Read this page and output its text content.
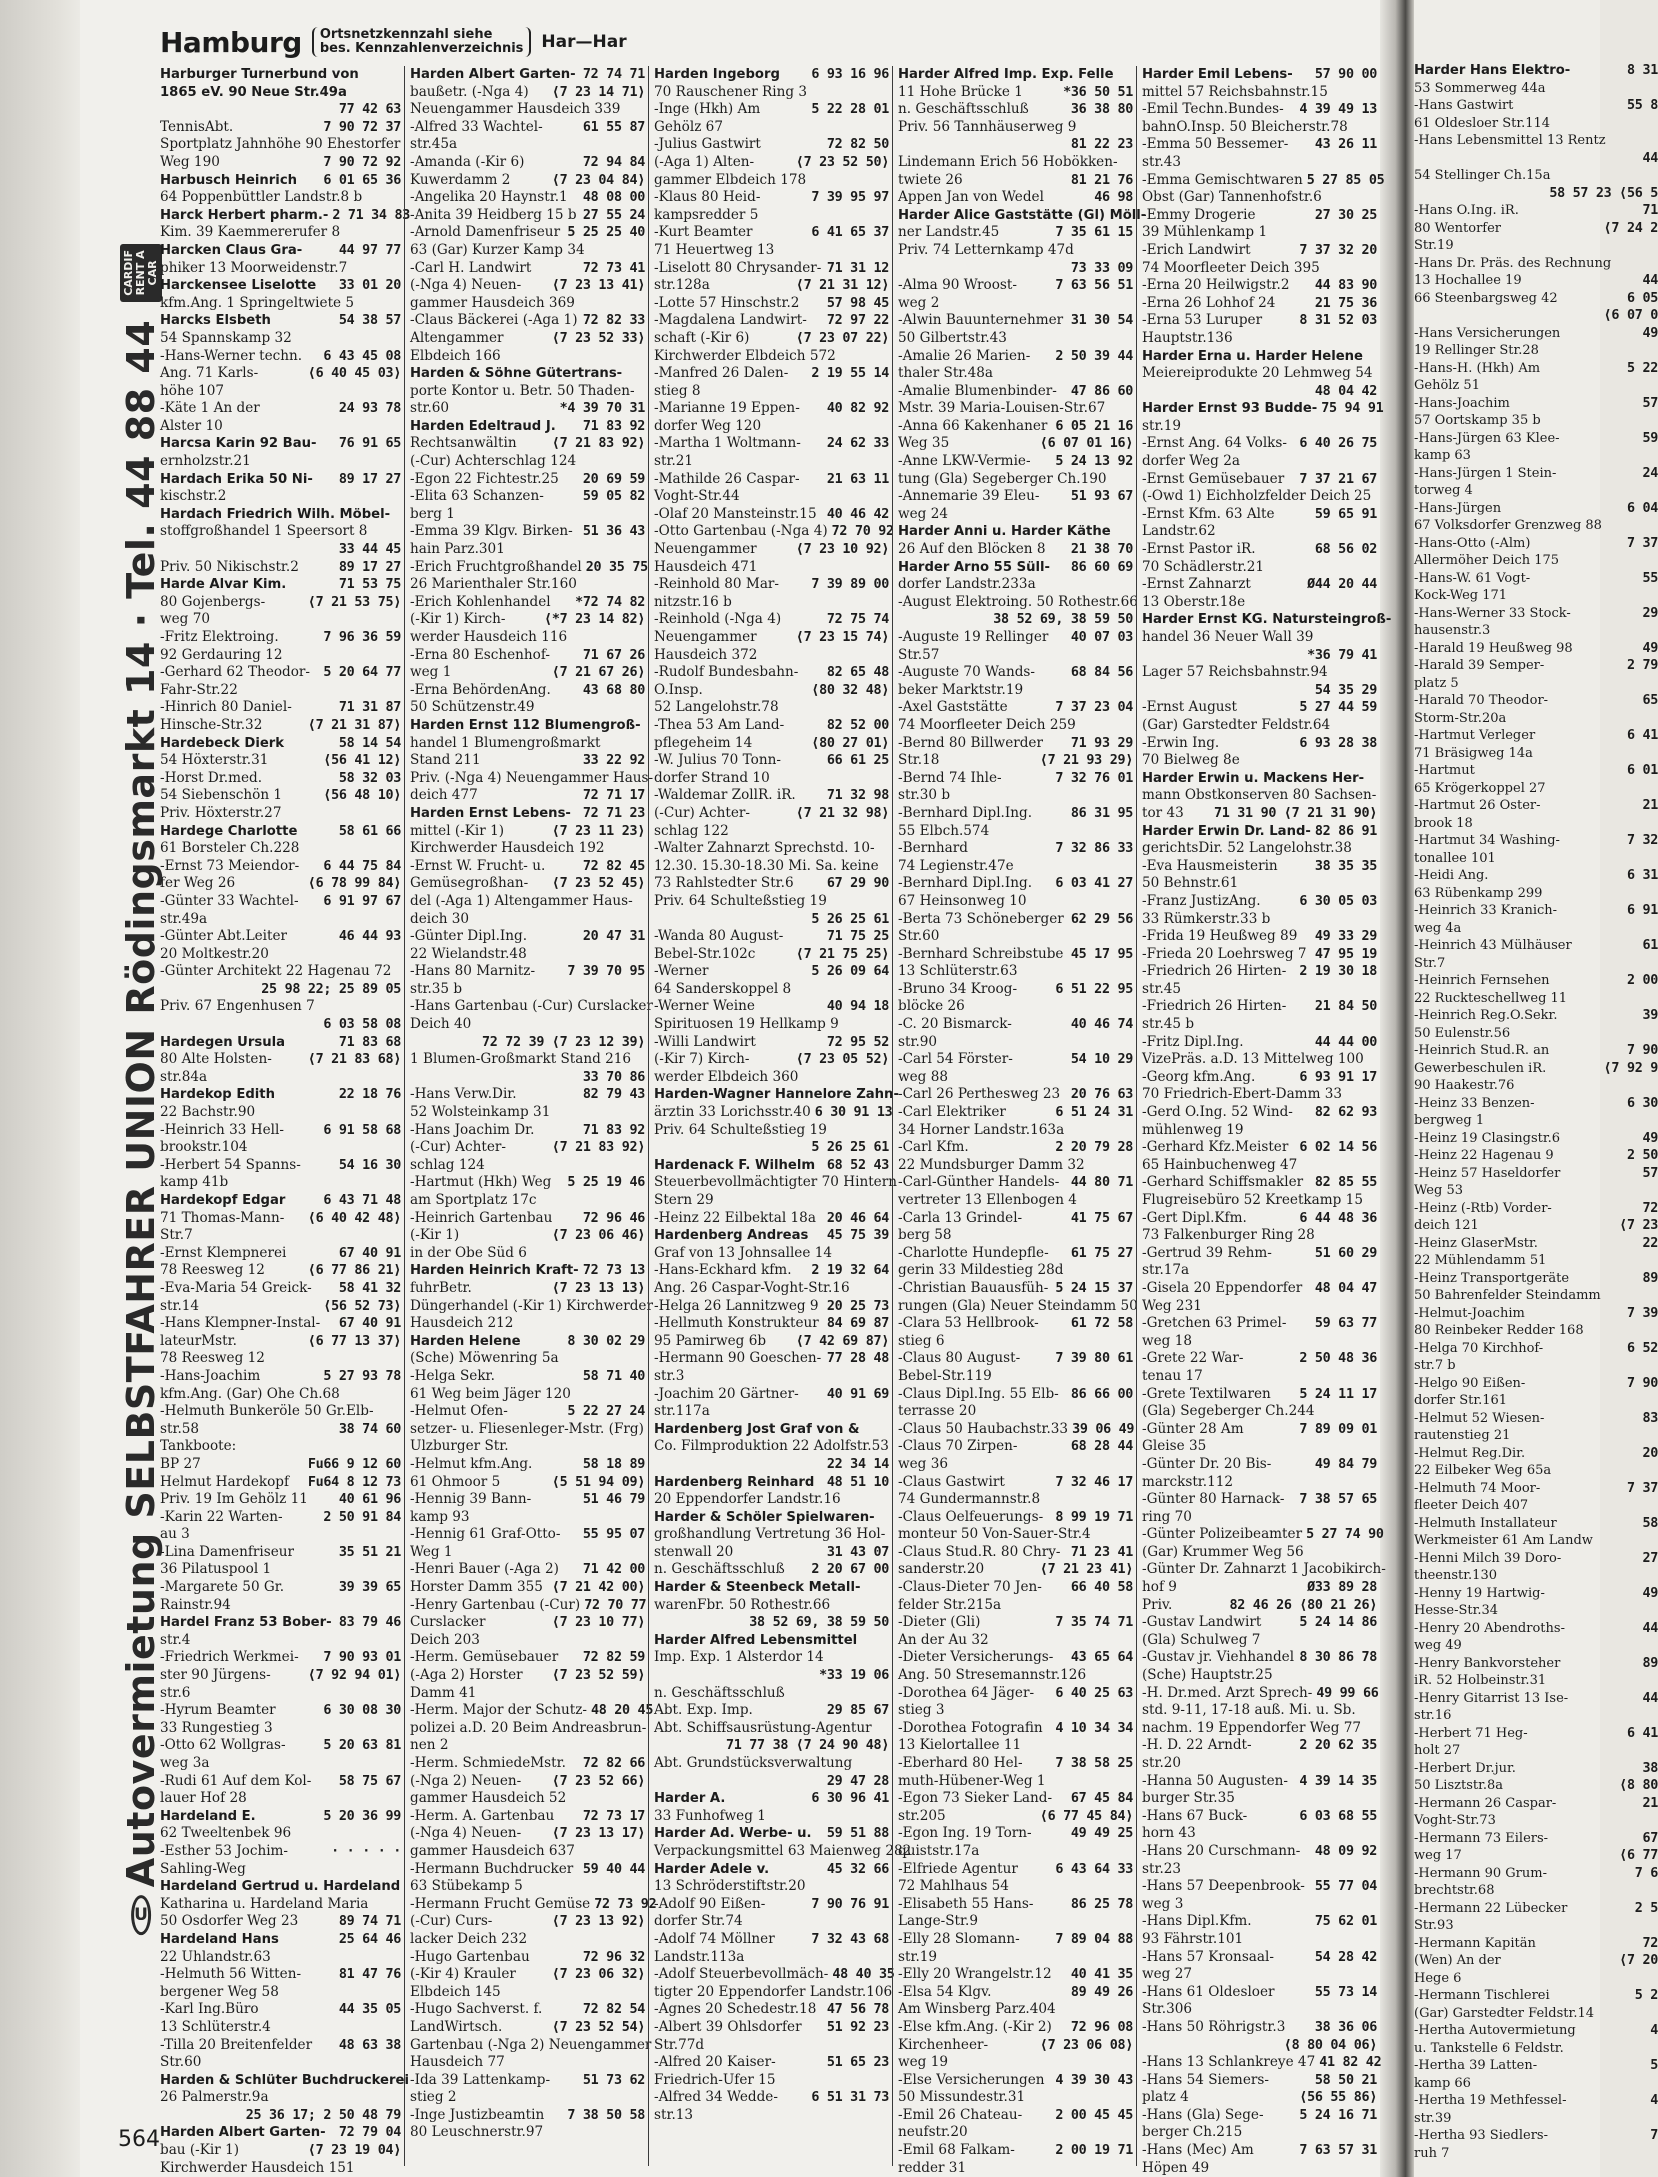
Hamburg	Ortsnetzkennzahl siehe
bes. Kennzahlenverzeichnis	Har—Har
U
Autovermietung SELBSTFAHRER UNION Rödingsmarkt 14 · Tel. 44 88 44
CARDIF
RENT A CAR
564
Harburger Turnerbund von
1865 eV. 90 Neue Str.49a
77 42 63
TennisAbt.	7 90 72 37
Sportplatz Jahnhöhe 90 Ehestorfer
Weg 190	7 90 72 92
Harbusch Heinrich	6 01 65 36
64 Poppenbüttler Landstr.8 b
Harck Herbert pharm.- 2 71 34 83
Kim. 39 Kaemmererufer 8
Harcken Claus Gra-	44 97 77
phiker 13 Moorweidenstr.7
Harckensee Liselotte	33 01 20
kfm.Ang. 1 Springeltwiete 5
Harcks Elsbeth	54 38 57
54 Spannskamp 32
-Hans-Werner techn.	6 43 45 08
Ang. 71 Karls-	⟨6 40 45 03⟩
höhe 107
-Käte 1 An der	24 93 78
Alster 10
Harcsa Karin 92 Bau-	76 91 65
ernholzstr.21
Hardach Erika 50 Ni-	89 17 27
kischstr.2
Hardach Friedrich Wilh. Möbel-
stoffgroßhandel 1 Speersort 8
33 44 45
Priv. 50 Nikischstr.2	89 17 27
Harde Alvar Kim.	71 53 75
80 Gojenbergs-	⟨7 21 53 75⟩
weg 70
-Fritz Elektroing.	7 96 36 59
92 Gerdauring 12
-Gerhard 62 Theodor- 5 20 64 77
Fahr-Str.22
-Hinrich 80 Daniel-	71 31 87
Hinsche-Str.32	⟨7 21 31 87⟩
Hardebeck Dierk	58 14 54
54 Höxterstr.31	⟨56 41 12⟩
-Horst Dr.med.	58 32 03
54 Siebenschön 1	⟨56 48 10⟩
Priv. Höxterstr.27
Hardege Charlotte	58 61 66
61 Borsteler Ch.228
-Ernst 73 Meiendor-	6 44 75 84
fer Weg 26	⟨6 78 99 84⟩
-Günter 33 Wachtel-	6 91 97 67
str.49a
-Günter Abt.Leiter	46 44 93
20 Moltkestr.20
-Günter Architekt 22 Hagenau 72
25 98 22; 25 89 05
Priv. 67 Engenhusen 7
6 03 58 08
Hardegen Ursula	71 83 68
80 Alte Holsten-	⟨7 21 83 68⟩
str.84a
Hardekop Edith	22 18 76
22 Bachstr.90
-Heinrich 33 Hell-	6 91 58 68
brookstr.104
-Herbert 54 Spanns-	54 16 30
kamp 41b
Hardekopf Edgar	6 43 71 48
71 Thomas-Mann-	⟨6 40 42 48⟩
Str.7
-Ernst Klempnerei	67 40 91
78 Reesweg 12	⟨6 77 86 21⟩
-Eva-Maria 54 Greick-	58 41 32
str.14	⟨56 52 73⟩
-Hans Klempner-Instal-	67 40 91
lateurMstr.	⟨6 77 13 37⟩
78 Reesweg 12
-Hans-Joachim	5 27 93 78
kfm.Ang. (Gar) Ohe Ch.68
-Helmuth Bunkeröle 50 Gr.Elb-
str.58	38 74 60
Tankboote:
BP 27	Fu66 9 12 60
Helmut Hardekopf	Fu64 8 12 73
Priv. 19 Im Gehölz 11	40 61 96
-Karin 22 Warten-	2 50 91 84
au 3
-Lina Damenfriseur	35 51 21
36 Pilatuspool 1
-Margarete 50 Gr.	39 39 65
Rainstr.94
Hardel Franz 53 Bober- 83 79 46
str.4
-Friedrich Werkmei-	7 90 93 01
ster 90 Jürgens-	⟨7 92 94 01⟩
str.6
-Hyrum Beamter	6 30 08 30
33 Rungestieg 3
-Otto 62 Wollgras-	5 20 63 81
weg 3a
-Rudi 61 Auf dem Kol-	58 75 67
lauer Hof 28
Hardeland E.	5 20 36 99
62 Tweeltenbek 96
-Esther 53 Jochim-	· · · · ·
Sahling-Weg
Hardeland Gertrud u. Hardeland
Katharina u. Hardeland Maria
50 Osdorfer Weg 23	89 74 71
Hardeland Hans	25 64 46
22 Uhlandstr.63
-Helmuth 56 Witten-	81 47 76
bergener Weg 58
-Karl Ing.Büro	44 35 05
13 Schlüterstr.4
-Tilla 20 Breitenfelder	48 63 38
Str.60
Harden & Schlüter Buchdruckerei
26 Palmerstr.9a
25 36 17; 2 50 48 79
Harden Albert Garten- 72 79 04
bau (-Kir 1)	⟨7 23 19 04⟩
Kirchwerder Hausdeich 151
Harden Albert Garten- 72 74 71
baußetr. (-Nga 4)	⟨7 23 14 71⟩
Neuengammer Hausdeich 339
-Alfred 33 Wachtel-	61 55 87
str.45a
-Amanda (-Kir 6)	72 94 84
Kuwerdamm 2	⟨7 23 04 84⟩
-Angelika 20 Haynstr.1	48 08 00
-Anita 39 Heidberg 15 b 27 55 24
-Arnold Damenfriseur 5 25 25 40
63 (Gar) Kurzer Kamp 34
-Carl H. Landwirt	72 73 41
(-Nga 4) Neuen-	⟨7 23 13 41⟩
gammer Hausdeich 369
-Claus Bäckerei (-Aga 1) 72 82 33
Altengammer	⟨7 23 52 33⟩
Elbdeich 166
Harden & Söhne Gütertrans-
porte Kontor u. Betr. 50 Thaden-
str.60	*4 39 70 31
Harden Edeltraud J.	71 83 92
Rechtsanwältin	⟨7 21 83 92⟩
(-Cur) Achterschlag 124
-Egon 22 Fichtestr.25	20 69 59
-Elita 63 Schanzen-	59 05 82
berg 1
-Emma 39 Klgv. Birken- 51 36 43
hain Parz.301
-Erich Fruchtgroßhandel 20 35 75
26 Marienthaler Str.160
-Erich Kohlenhandel	*72 74 82
(-Kir 1) Kirch-	⟨*7 23 14 82⟩
werder Hausdeich 116
-Erna 80 Eschenhof-	71 67 26
weg 1	⟨7 21 67 26⟩
-Erna BehördenAng.	43 68 80
50 Schützenstr.49
Harden Ernst 112 Blumengroß-
handel 1 Blumengroßmarkt
Stand 211	33 22 92
Priv. (-Nga 4) Neuengammer Haus-
deich 477	72 71 17
Harden Ernst Lebens- 72 71 23
mittel (-Kir 1)	⟨7 23 11 23⟩
Kirchwerder Hausdeich 192
-Ernst W. Frucht- u.	72 82 45
Gemüsegroßhan-	⟨7 23 52 45⟩
del (-Aga 1) Altengammer Haus-
deich 30
-Günter Dipl.Ing.	20 47 31
22 Wielandstr.48
-Hans 80 Marnitz-	7 39 70 95
str.35 b
-Hans Gartenbau (-Cur) Curslacker
Deich 40
72 72 39 ⟨7 23 12 39⟩
1 Blumen-Großmarkt Stand 216
33 70 86
-Hans Verw.Dir.	82 79 43
52 Wolsteinkamp 31
-Hans Joachim Dr.	71 83 92
(-Cur) Achter-	⟨7 21 83 92⟩
schlag 124
-Hartmut (Hkh) Weg	5 25 19 46
am Sportplatz 17c
-Heinrich Gartenbau	72 96 46
(-Kir 1)	⟨7 23 06 46⟩
in der Obe Süd 6
Harden Heinrich Kraft- 72 73 13
fuhrBetr.	⟨7 23 13 13⟩
Düngerhandel (-Kir 1) Kirchwerder
Hausdeich 212
Harden Helene	8 30 02 29
(Sche) Möwenring 5a
-Helga Sekr.	58 71 40
61 Weg beim Jäger 120
-Helmut Ofen-	5 22 27 24
setzer- u. Fliesenleger-Mstr. (Frg)
Ulzburger Str.
-Helmut kfm.Ang.	58 18 89
61 Ohmoor 5	⟨5 51 94 09⟩
-Hennig 39 Bann-	51 46 79
kamp 93
-Hennig 61 Graf-Otto-	55 95 07
Weg 1
-Henri Bauer (-Aga 2)	71 42 00
Horster Damm 355 ⟨7 21 42 00⟩
-Henry Gartenbau (-Cur) 72 70 77
Curslacker	⟨7 23 10 77⟩
Deich 203
-Herm. Gemüsebauer	72 82 59
(-Aga 2) Horster	⟨7 23 52 59⟩
Damm 41
-Herm. Major der Schutz- 48 20 45
polizei a.D. 20 Beim Andreasbrun-
nen 2
-Herm. SchmiedeMstr.	72 82 66
(-Nga 2) Neuen-	⟨7 23 52 66⟩
gammer Hausdeich 52
-Herm. A. Gartenbau	72 73 17
(-Nga 4) Neuen-	⟨7 23 13 17⟩
gammer Hausdeich 637
-Hermann Buchdrucker 59 40 44
63 Stübekamp 5
-Hermann Frucht Gemüse 72 73 92
(-Cur) Curs-	⟨7 23 13 92⟩
lacker Deich 232
-Hugo Gartenbau	72 96 32
(-Kir 4) Krauler	⟨7 23 06 32⟩
Elbdeich 145
-Hugo Sachverst. f.	72 82 54
LandWirtsch.	⟨7 23 52 54⟩
Gartenbau (-Nga 2) Neuengammer
Hausdeich 77
-Ida 39 Lattenkamp-	51 73 62
stieg 2
-Inge Justizbeamtin	7 38 50 58
80 Leuschnerstr.97
Harden Ingeborg	6 93 16 96
70 Rauschener Ring 3
-Inge (Hkh) Am	5 22 28 01
Gehölz 67
-Julius Gastwirt	72 82 50
(-Aga 1) Alten-	⟨7 23 52 50⟩
gammer Elbdeich 178
-Klaus 80 Heid-	7 39 95 97
kampsredder 5
-Kurt Beamter	6 41 65 37
71 Heuertweg 13
-Liselott 80 Chrysander- 71 31 12
str.128a	⟨7 21 31 12⟩
-Lotte 57 Hinschstr.2	57 98 45
-Magdalena Landwirt-	72 97 22
schaft (-Kir 6)	⟨7 23 07 22⟩
Kirchwerder Elbdeich 572
-Manfred 26 Dalen-	2 19 55 14
stieg 8
-Marianne 19 Eppen-	40 82 92
dorfer Weg 120
-Martha 1 Woltmann-	24 62 33
str.21
-Mathilde 26 Caspar-	21 63 11
Voght-Str.44
-Olaf 20 Mansteinstr.15 40 46 42
-Otto Gartenbau (-Nga 4) 72 70 92
Neuengammer	⟨7 23 10 92⟩
Hausdeich 471
-Reinhold 80 Mar-	7 39 89 00
nitzstr.16 b
-Reinhold (-Nga 4)	72 75 74
Neuengammer	⟨7 23 15 74⟩
Hausdeich 372
-Rudolf Bundesbahn-	82 65 48
O.Insp.	⟨80 32 48⟩
52 Langelohstr.78
-Thea 53 Am Land-	82 52 00
pflegeheim 14	⟨80 27 01⟩
-W. Julius 70 Tonn-	66 61 25
dorfer Strand 10
-Waldemar ZollR. iR.	71 32 98
(-Cur) Achter-	⟨7 21 32 98⟩
schlag 122
-Walter Zahnarzt Sprechstd. 10-
12.30. 15.30-18.30 Mi. Sa. keine
73 Rahlstedter Str.6	67 29 90
Priv. 64 Schulteßstieg 19
5 26 25 61
-Wanda 80 August-	71 75 25
Bebel-Str.102c	⟨7 21 75 25⟩
-Werner	5 26 09 64
64 Sanderskoppel 8
-Werner Weine	40 94 18
Spirituosen 19 Hellkamp 9
-Willi Landwirt	72 95 52
(-Kir 7) Kirch-	⟨7 23 05 52⟩
werder Elbdeich 360
Harden-Wagner Hannelore Zahn-
ärztin 33 Lorichsstr.40 6 30 91 13
Priv. 64 Schulteßstieg 19
5 26 25 61
Hardenack F. Wilhelm 68 52 43
Steuerbevollmächtigter 70 Hintern
Stern 29
-Heinz 22 Eilbektal 18a 20 46 64
Hardenberg Andreas	45 75 39
Graf von 13 Johnsallee 14
-Hans-Eckhard kfm.	2 19 32 64
Ang. 26 Caspar-Voght-Str.16
-Helga 26 Lannitzweg 9 20 25 73
-Hellmuth Konstrukteur 84 69 87
95 Pamirweg 6b	⟨7 42 69 87⟩
-Hermann 90 Goeschen- 77 28 48
str.3
-Joachim 20 Gärtner-	40 91 69
str.117a
Hardenberg Jost Graf von &
Co. Filmproduktion 22 Adolfstr.53
22 34 14
Hardenberg Reinhard 48 51 10
20 Eppendorfer Landstr.16
Harder & Schöler Spielwaren-
großhandlung Vertretung 36 Hol-
stenwall 20	31 43 07
n. Geschäftsschluß	2 20 67 00
Harder & Steenbeck Metall-
warenFbr. 50 Rothestr.66
38 52 69, 38 59 50
Harder Alfred Lebensmittel
Imp. Exp. 1 Alsterdor 14
*33 19 06
n. Geschäftsschluß
Abt. Exp. Imp.	29 85 67
Abt. Schiffsausrüstung-Agentur
71 77 38 ⟨7 24 90 48⟩
Abt. Grundstücksverwaltung
29 47 28
Harder A.	6 30 96 41
33 Funhofweg 1
Harder Ad. Werbe- u.	59 51 88
Verpackungsmittel 63 Maienweg 282
Harder Adele v.	45 32 66
13 Schröderstiftstr.20
-Adolf 90 Eißen-	7 90 76 91
dorfer Str.74
-Adolf 74 Möllner	7 32 43 68
Landstr.113a
-Adolf Steuerbevollmäch- 48 40 35
tigter 20 Eppendorfer Landstr.106
-Agnes 20 Schedestr.18 47 56 78
-Albert 39 Ohlsdorfer	51 92 23
Str.77d
-Alfred 20 Kaiser-	51 65 23
Friedrich-Ufer 15
-Alfred 34 Wedde-	6 51 31 73
str.13
Harder Alfred Imp. Exp. Felle
11 Hohe Brücke 1	*36 50 51
n. Geschäftsschluß	36 38 80
Priv. 56 Tannhäuserweg 9
81 22 23
Lindemann Erich 56 Hobökken-
twiete 26	81 21 76
Appen Jan von Wedel	46 98
Harder Alice Gaststätte (Gl) Möll-
ner Landstr.45	7 35 61 15
Priv. 74 Letternkamp 47d
73 33 09
-Alma 90 Wroost-	7 63 56 51
weg 2
-Alwin Bauunternehmer 31 30 54
50 Gilbertstr.43
-Amalie 26 Marien-	2 50 39 44
thaler Str.48a
-Amalie Blumenbinder-	47 86 60
Mstr. 39 Maria-Louisen-Str.67
-Anna 66 Kakenhaner 6 05 21 16
Weg 35	⟨6 07 01 16⟩
-Anne LKW-Vermie-	5 24 13 92
tung (Gla) Segeberger Ch.190
-Annemarie 39 Eleu-	51 93 67
weg 24
Harder Anni u. Harder Käthe
26 Auf den Blöcken 8	21 38 70
Harder Arno 55 Süll-	86 60 69
dorfer Landstr.233a
-August Elektroing. 50 Rothestr.66
38 52 69, 38 59 50
-Auguste 19 Rellinger	40 07 03
Str.57
-Auguste 70 Wands-	68 84 56
beker Marktstr.19
-Axel Gaststätte	7 37 23 04
74 Moorfleeter Deich 259
-Bernd 80 Billwerder	71 93 29
Str.18	⟨7 21 93 29⟩
-Bernd 74 Ihle-	7 32 76 01
str.30 b
-Bernhard Dipl.Ing.	86 31 95
55 Elbch.574
-Bernhard	7 32 86 33
74 Legienstr.47e
-Bernhard Dipl.Ing.	6 03 41 27
67 Heinsonweg 10
-Berta 73 Schöneberger 62 29 56
Str.60
-Bernhard Schreibstube 45 17 95
13 Schlüterstr.63
-Bruno 34 Kroog-	6 51 22 95
blöcke 26
-C. 20 Bismarck-	40 46 74
str.90
-Carl 54 Förster-	54 10 29
weg 88
-Carl 26 Perthesweg 23 20 76 63
-Carl Elektriker	6 51 24 31
34 Horner Landstr.163a
-Carl Kfm.	2 20 79 28
22 Mundsburger Damm 32
-Carl-Günther Handels- 44 80 71
vertreter 13 Ellenbogen 4
-Carla 13 Grindel-	41 75 67
berg 58
-Charlotte Hundepfle-	61 75 27
gerin 33 Mildestieg 28d
-Christian Bauausfüh- 5 24 15 37
rungen (Gla) Neuer Steindamm 50
-Clara 53 Hellbrook-	61 72 58
stieg 6
-Claus 80 August-	7 39 80 61
Bebel-Str.119
-Claus Dipl.Ing. 55 Elb- 86 66 00
terrasse 20
-Claus 50 Haubachstr.33 39 06 49
-Claus 70 Zirpen-	68 28 44
weg 36
-Claus Gastwirt	7 32 46 17
74 Gundermannstr.8
-Claus Oelfeuerungs- 8 99 19 71
monteur 50 Von-Sauer-Str.4
-Claus Stud.R. 80 Chry- 71 23 41
sanderstr.20	⟨7 21 23 41⟩
-Claus-Dieter 70 Jen-	66 40 58
felder Str.215a
-Dieter (Gli)	7 35 74 71
An der Au 32
-Dieter Versicherungs-	43 65 64
Ang. 50 Stresemannstr.126
-Dorothea 64 Jäger-	6 40 25 63
stieg 3
-Dorothea Fotografin 4 10 34 34
13 Kielortallee 11
-Eberhard 80 Hel-	7 38 58 25
muth-Hübener-Weg 1
-Egon 73 Sieker Land-	67 45 84
str.205	⟨6 77 45 84⟩
-Egon Ing. 19 Torn-	49 49 25
quiststr.17a
-Elfriede Agentur	6 43 64 33
72 Mahlhaus 54
-Elisabeth 55 Hans-	86 25 78
Lange-Str.9
-Elly 28 Slomann-	7 89 04 88
str.19
-Elly 20 Wrangelstr.12	40 41 35
-Elsa 54 Klgv.	89 49 26
Am Winsberg Parz.404
-Else kfm.Ang. (-Kir 2)	72 96 08
Kirchenheer-	⟨7 23 06 08⟩
weg 19
-Else Versicherungen 4 39 30 43
50 Missundestr.31
-Emil 26 Chateau-	2 00 45 45
neufstr.20
-Emil 68 Falkam-	2 00 19 71
redder 31
Harder Emil Lebens-	57 90 00
mittel 57 Reichsbahnstr.15
-Emil Techn.Bundes-	4 39 49 13
bahnO.Insp. 50 Bleicherstr.78
-Emma 50 Bessemer-	43 26 11
str.43
-Emma Gemischtwaren 5 27 85 05
Obst (Gar) Tannenhofstr.6
-Emmy Drogerie	27 30 25
39 Mühlenkamp 1
-Erich Landwirt	7 37 32 20
74 Moorfleeter Deich 395
-Erna 20 Heilwigstr.2	44 83 90
-Erna 26 Lohhof 24	21 75 36
-Erna 53 Luruper	8 31 52 03
Hauptstr.136
Harder Erna u. Harder Helene
Meiereiprodukte 20 Lehmweg 54
48 04 42
Harder Ernst 93 Budde- 75 94 91
str.19
-Ernst Ang. 64 Volks- 6 40 26 75
dorfer Weg 2a
-Ernst Gemüsebauer	7 37 21 67
(-Owd 1) Eichholzfelder Deich 25
-Ernst Kfm. 63 Alte	59 65 91
Landstr.62
-Ernst Pastor iR.	68 56 02
70 Schädlerstr.21
-Ernst Zahnarzt	Ø44 20 44
13 Oberstr.18e
Harder Ernst KG. Natursteingroß-
handel 36 Neuer Wall 39
*36 79 41
Lager 57 Reichsbahnstr.94
54 35 29
-Ernst August	5 27 44 59
(Gar) Garstedter Feldstr.64
-Erwin Ing.	6 93 28 38
70 Bielweg 8e
Harder Erwin u. Mackens Her-
mann Obstkonserven 80 Sachsen-
tor 43	71 31 90 ⟨7 21 31 90⟩
Harder Erwin Dr. Land- 82 86 91
gerichtsDir. 52 Langelohstr.38
-Eva Hausmeisterin	38 35 35
50 Behnstr.61
-Franz JustizAng.	6 30 05 03
33 Rümkerstr.33 b
-Frida 19 Heußweg 89	49 33 29
-Frieda 20 Loehrsweg 7 47 95 19
-Friedrich 26 Hirten- 2 19 30 18
str.45
-Friedrich 26 Hirten-	21 84 50
str.45 b
-Fritz Dipl.Ing.	44 44 00
VizePräs. a.D. 13 Mittelweg 100
-Georg kfm.Ang.	6 93 91 17
70 Friedrich-Ebert-Damm 33
-Gerd O.Ing. 52 Wind-	82 62 93
mühlenweg 19
-Gerhard Kfz.Meister 6 02 14 56
65 Hainbuchenweg 47
-Gerhard Schiffsmakler 82 85 55
Flugreisebüro 52 Kreetkamp 15
-Gert Dipl.Kfm.	6 44 48 36
73 Falkenburger Ring 28
-Gertrud 39 Rehm-	51 60 29
str.17a
-Gisela 20 Eppendorfer 48 04 47
Weg 231
-Gretchen 63 Primel-	59 63 77
weg 18
-Grete 22 War-	2 50 48 36
tenau 17
-Grete Textilwaren	5 24 11 17
(Gla) Segeberger Ch.244
-Günter 28 Am	7 89 09 01
Gleise 35
-Günter Dr. 20 Bis-	49 84 79
marckstr.112
-Günter 80 Harnack-	7 38 57 65
ring 70
-Günter Polizeibeamter 5 27 74 90
(Gar) Krummer Weg 56
-Günter Dr. Zahnarzt 1 Jacobikirch-
hof 9	Ø33 89 28
Priv.	82 46 26 ⟨80 21 26⟩
-Gustav Landwirt	5 24 14 86
(Gla) Schulweg 7
-Gustav jr. Viehhandel 8 30 86 78
(Sche) Hauptstr.25
-H. Dr.med. Arzt Sprech- 49 99 66
std. 9-11, 17-18 auß. Mi. u. Sb.
nachm. 19 Eppendorfer Weg 77
-H. D. 22 Arndt-	2 20 62 35
str.20
-Hanna 50 Augusten- 4 39 14 35
burger Str.35
-Hans 67 Buck-	6 03 68 55
horn 43
-Hans 20 Curschmann-	48 09 92
str.23
-Hans 57 Deepenbrook- 55 77 04
weg 3
-Hans Dipl.Kfm.	75 62 01
93 Fährstr.101
-Hans 57 Kronsaal-	54 28 42
weg 27
-Hans 61 Oldesloer	55 73 14
Str.306
-Hans 50 Röhrigstr.3	38 36 06
⟨8 80 04 06⟩
-Hans 13 Schlankreye 47 41 82 42
-Hans 54 Siemers-	58 50 21
platz 4	⟨56 55 86⟩
-Hans (Gla) Sege-	5 24 16 71
berger Ch.215
-Hans (Mec) Am	7 63 57 31
Höpen 49
Harder Hans Elektro-	8 31
53 Sommerweg 44a
-Hans Gastwirt	55 8
61 Oldesloer Str.114
-Hans Lebensmittel 13 Rentz
44
54 Stellinger Ch.15a
58 57 23 ⟨56 5
-Hans O.Ing. iR.	71
80 Wentorfer	⟨7 24 2
Str.19
-Hans Dr. Präs. des Rechnung
13 Hochallee 19	44
66 Steenbargsweg 42	6 05
⟨6 07 0
-Hans Versicherungen	49
19 Rellinger Str.28
-Hans-H. (Hkh) Am	5 22
Gehölz 51
-Hans-Joachim	57
57 Oortskamp 35 b
-Hans-Jürgen 63 Klee-	59
kamp 63
-Hans-Jürgen 1 Stein-	24
torweg 4
-Hans-Jürgen	6 04
67 Volksdorfer Grenzweg 88
-Hans-Otto (-Alm)	7 37
Allermöher Deich 175
-Hans-W. 61 Vogt-	55
Kock-Weg 171
-Hans-Werner 33 Stock-	29
hausenstr.3
-Harald 19 Heußweg 98	49
-Harald 39 Semper-	2 79
platz 5
-Harald 70 Theodor-	65
Storm-Str.20a
-Hartmut Verleger	6 41
71 Bräsigweg 14a
-Hartmut	6 01
65 Krögerkoppel 27
-Hartmut 26 Oster-	21
brook 18
-Hartmut 34 Washing-	7 32
tonallee 101
-Heidi Ang.	6 31
63 Rübenkamp 299
-Heinrich 33 Kranich-	6 91
weg 4a
-Heinrich 43 Mülhäuser	61
Str.7
-Heinrich Fernsehen	2 00
22 Ruckteschellweg 11
-Heinrich Reg.O.Sekr.	39
50 Eulenstr.56
-Heinrich Stud.R. an	7 90
Gewerbeschulen iR.	⟨7 92 9
90 Haakestr.76
-Heinz 33 Benzen-	6 30
bergweg 1
-Heinz 19 Clasingstr.6	49
-Heinz 22 Hagenau 9	2 50
-Heinz 57 Haseldorfer	57
Weg 53
-Heinz (-Rtb) Vorder-	72
deich 121	⟨7 23
-Heinz GlaserMstr.	22
22 Mühlendamm 51
-Heinz Transportgeräte	89
50 Bahrenfelder Steindamm
-Helmut-Joachim	7 39
80 Reinbeker Redder 168
-Helga 70 Kirchhof-	6 52
str.7 b
-Helgo 90 Eißen-	7 90
dorfer Str.161
-Helmut 52 Wiesen-	83
rautenstieg 21
-Helmut Reg.Dir.	20
22 Eilbeker Weg 65a
-Helmuth 74 Moor-	7 37
fleeter Deich 407
-Helmuth Installateur	58
Werkmeister 61 Am Landw
-Henni Milch 39 Doro-	27
theenstr.130
-Henny 19 Hartwig-	49
Hesse-Str.34
-Henry 20 Abendroths-	44
weg 49
-Henry Bankvorsteher	89
iR. 52 Holbeinstr.31
-Henry Gitarrist 13 Ise-	44
str.16
-Herbert 71 Heg-	6 41
holt 27
-Herbert Dr.jur.	38
50 Lisztstr.8a	⟨8 80
-Hermann 26 Caspar-	21
Voght-Str.73
-Hermann 73 Eilers-	67
weg 17	⟨6 77
-Hermann 90 Grum-	7 6
brechtstr.68
-Hermann 22 Lübecker	2 5
Str.93
-Hermann Kapitän	72
(Wen) An der	⟨7 20
Hege 6
-Hermann Tischlerei	5 2
(Gar) Garstedter Feldstr.14
-Hertha Autovermietung	4
u. Tankstelle 6 Feldstr.
-Hertha 39 Latten-	5
kamp 66
-Hertha 19 Methfessel-	4
str.39
-Hertha 93 Siedlers-	7
ruh 7
